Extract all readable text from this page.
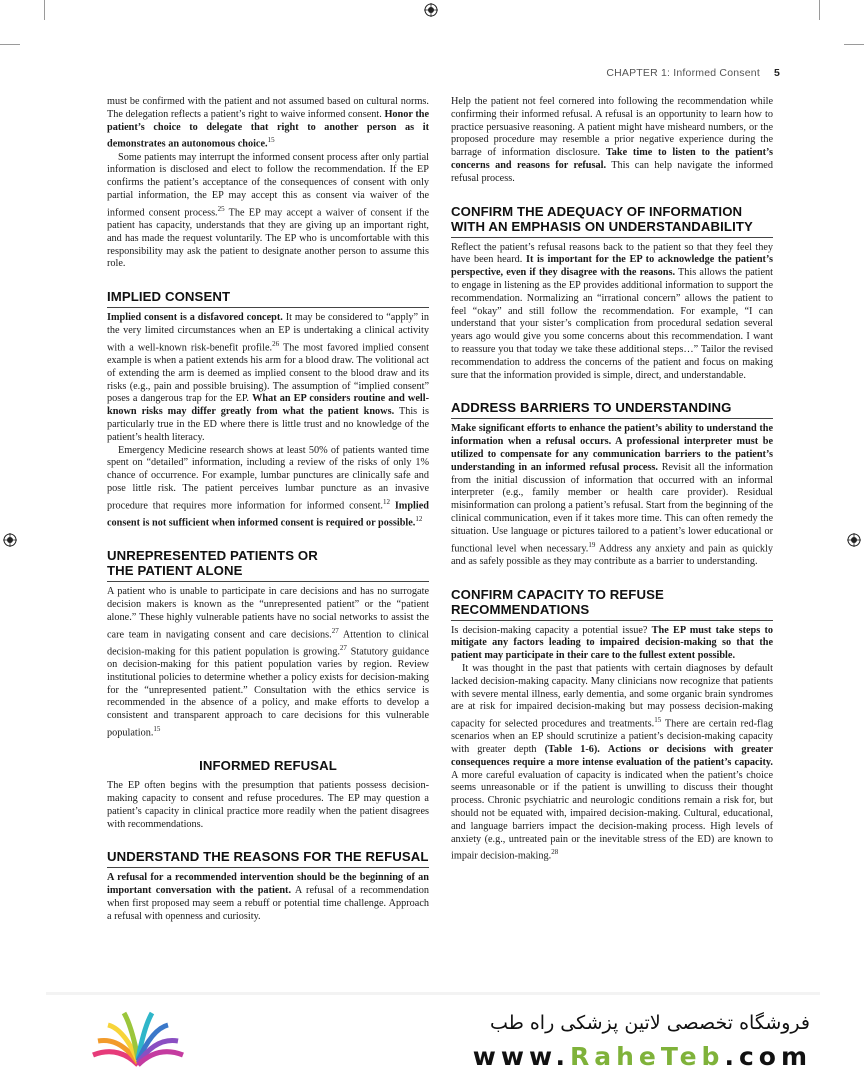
CHAPTER 1: Informed Consent 5

must be confirmed with the patient and not assumed based on cultural norms. The delegation reflects a patient’s right to waive informed consent. Honor the patient’s choice to delegate that right to another person as it demonstrates an autonomous choice.$^{15}$

Some patients may interrupt the informed consent process after only partial information is disclosed and elect to follow the recommendation. If the EP confirms the patient’s acceptance of the consequences of consent with only partial information, the EP may accept this as consent via waiver of the informed consent process.$^{25}$ The EP may accept a waiver of consent if the patient has capacity, understands that they are giving up an important right, and has made the request voluntarily. The EP who is uncomfortable with this responsibility may ask the patient to designate another person to assume this role.

IMPLIED CONSENT

Implied consent is a disfavored concept. It may be considered to “apply” in the very limited circumstances when an EP is undertaking a clinical activity with a well-known risk-benefit profile.$^{26}$ The most favored implied consent example is when a patient extends his arm for a blood draw. The volitional act of extending the arm is deemed as implied consent to the blood draw and its risks (e.g., pain and possible bruising). The assumption of “implied consent” poses a dangerous trap for the EP. What an EP considers routine and well-known risks may differ greatly from what the patient knows. This is particularly true in the ED where there is little trust and no knowledge of the patient’s health literacy.

Emergency Medicine research shows at least 50% of patients wanted time spent on “detailed” information, including a review of the risks of only 1% chance of occurrence. For example, lumbar punctures are clinically safe and pose little risk. The patient perceives lumbar puncture as an invasive procedure that requires more information for informed consent.$^{12}$ Implied consent is not sufficient when informed consent is required or possible.$^{12}$

UNREPRESENTED PATIENTS OR
THE PATIENT ALONE

A patient who is unable to participate in care decisions and has no surrogate decision makers is known as the “unrepresented patient” or the “patient alone.” These highly vulnerable patients have no social networks to assist the care team in navigating consent and care decisions.$^{27}$ Attention to clinical decision-making for this patient population is growing.$^{27}$ Statutory guidance on decision-making for this patient population varies by region. Review institutional policies to determine whether a policy exists for decision-making for the “unrepresented patient.” Consultation with the ethics service is recommended in the absence of a policy, and make efforts to develop a consistent and transparent approach to care decisions for this vulnerable population.$^{15}$

INFORMED REFUSAL

The EP often begins with the presumption that patients possess decision-making capacity to consent and refuse procedures. The EP may question a patient’s capacity in clinical practice more readily when the patient disagrees with recommendations.

UNDERSTAND THE REASONS FOR THE REFUSAL

A refusal for a recommended intervention should be the beginning of an important conversation with the patient. A refusal of a recommendation when first proposed may seem a rebuff or potential time challenge. Approach a refusal with openness and curiosity.

Help the patient not feel cornered into following the recommendation while confirming their informed refusal. A refusal is an opportunity to learn how to practice persuasive reasoning. A patient might have misheard numbers, or the proposed procedure may resemble a prior negative experience during the barrage of information disclosure. Take time to listen to the patient’s concerns and reasons for refusal. This can help navigate the informed refusal process.

CONFIRM THE ADEQUACY OF INFORMATION
WITH AN EMPHASIS ON UNDERSTANDABILITY

Reflect the patient’s refusal reasons back to the patient so that they feel they have been heard. It is important for the EP to acknowledge the patient’s perspective, even if they disagree with the reasons. This allows the patient to engage in listening as the EP provides additional information to support the recommendation. Normalizing an “irrational concern” allows the patient to feel “okay” and still follow the recommendation. For example, “I can understand that your sister’s complication from procedural sedation several years ago would give you some concerns about this recommendation. I want to reassure you that today we take these additional steps…” Tailor the revised recommendation to address the concerns of the patient and focus on making sure that the information provided is simple, direct, and understandable.

ADDRESS BARRIERS TO UNDERSTANDING

Make significant efforts to enhance the patient’s ability to understand the information when a refusal occurs. A professional interpreter must be utilized to compensate for any communication barriers to the patient’s understanding in an informed refusal process. Revisit all the information from the initial discussion of information that occurred with an informal interpreter (e.g., family member or health care provider). Residual misinformation can prolong a patient’s refusal. Start from the beginning of the clinical communication, even if it takes more time. This can often remedy the situation. Use language or pictures tailored to a patient’s lower educational or functional level when necessary.$^{19}$ Address any anxiety and pain as quickly and as safely possible as they may contribute as a barrier to understanding.

CONFIRM CAPACITY TO REFUSE
RECOMMENDATIONS

Is decision-making capacity a potential issue? The EP must take steps to mitigate any factors leading to impaired decision-making so that the patient may participate in their care to the fullest extent possible.

It was thought in the past that patients with certain diagnoses by default lacked decision-making capacity. Many clinicians now recognize that patients with severe mental illness, early dementia, and some organic brain syndromes are at risk for impaired decision-making but may possess decision-making capacity for selected procedures and treatments.$^{15}$ There are certain red-flag scenarios when an EP should scrutinize a patient’s decision-making capacity with greater depth (Table 1-6). Actions or decisions with greater consequences require a more intense evaluation of the patient’s capacity. A more careful evaluation of capacity is indicated when the patient’s choice seems unreasonable or if the patient is unwilling to discuss their thought process. Chronic psychiatric and neurologic conditions remain a risk for, but should not be equated with, impaired decision-making. Cultural, educational, and language barriers impact the decision-making process. High levels of anxiety (e.g., untreated pain or the inevitable stress of the ED) are known to impair decision-making.$^{28}$

فروشگاه تخصصی لاتین پزشکی راه طب
www.RaheTeb.com
